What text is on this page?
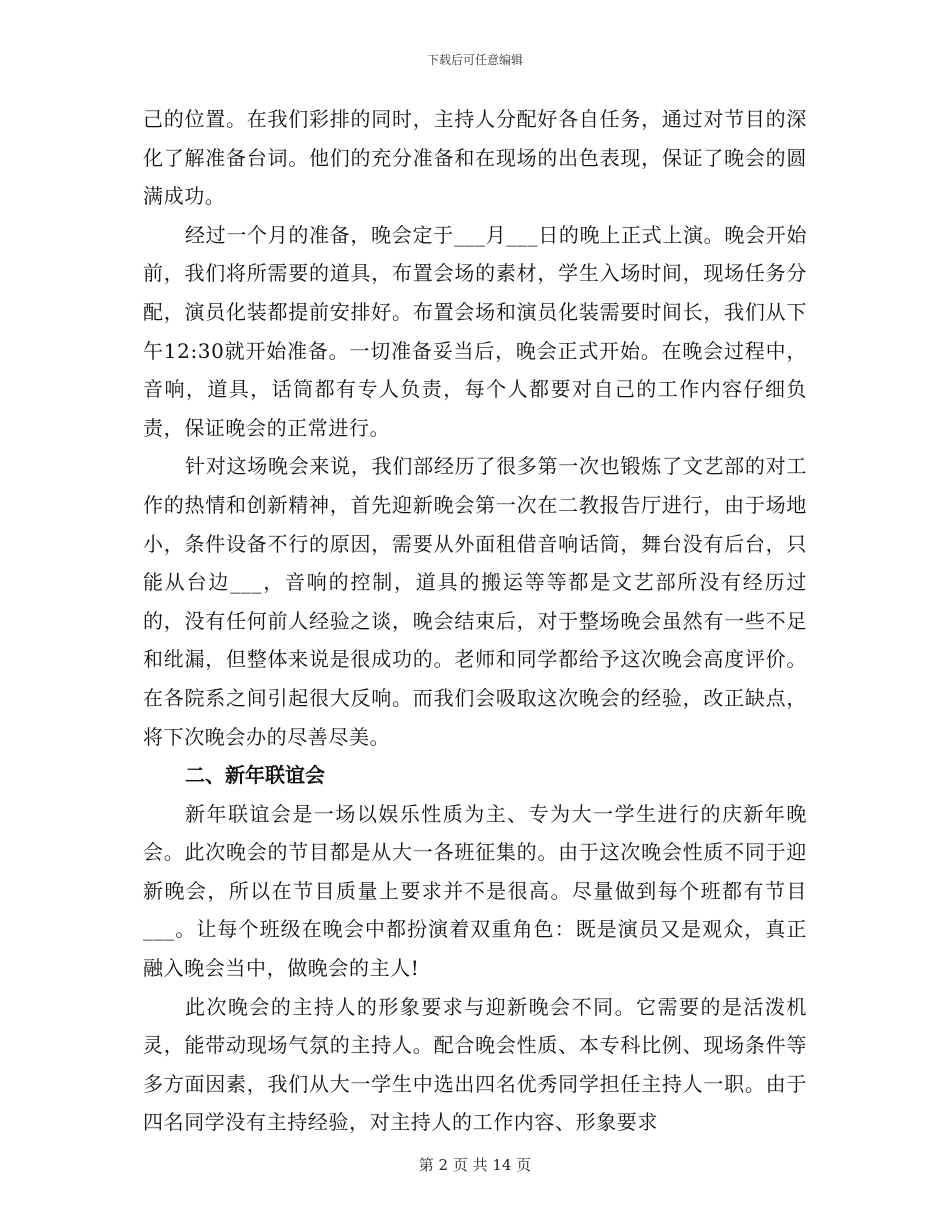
下载后可任意编辑

己的位置。在我们彩排的同时，主持人分配好各自任务，通过对节目的深化了解准备台词。他们的充分准备和在现场的出色表现，保证了晚会的圆满成功。

经过一个月的准备，晚会定于___月___日的晚上正式上演。晚会开始前，我们将所需要的道具，布置会场的素材，学生入场时间，现场任务分配，演员化装都提前安排好。布置会场和演员化装需要时间长，我们从下午12:30就开始准备。一切准备妥当后，晚会正式开始。在晚会过程中，音响，道具，话筒都有专人负责，每个人都要对自己的工作内容仔细负责，保证晚会的正常进行。

针对这场晚会来说，我们部经历了很多第一次也锻炼了文艺部的对工作的热情和创新精神，首先迎新晚会第一次在二教报告厅进行，由于场地小，条件设备不行的原因，需要从外面租借音响话筒，舞台没有后台，只能从台边___，音响的控制，道具的搬运等等都是文艺部所没有经历过的，没有任何前人经验之谈，晚会结束后，对于整场晚会虽然有一些不足和纰漏，但整体来说是很成功的。老师和同学都给予这次晚会高度评价。在各院系之间引起很大反响。而我们会吸取这次晚会的经验，改正缺点，将下次晚会办的尽善尽美。

二、新年联谊会

新年联谊会是一场以娱乐性质为主、专为大一学生进行的庆新年晚会。此次晚会的节目都是从大一各班征集的。由于这次晚会性质不同于迎新晚会，所以在节目质量上要求并不是很高。尽量做到每个班都有节目___。让每个班级在晚会中都扮演着双重角色：既是演员又是观众，真正融入晚会当中，做晚会的主人!

此次晚会的主持人的形象要求与迎新晚会不同。它需要的是活泼机灵，能带动现场气氛的主持人。配合晚会性质、本专科比例、现场条件等多方面因素，我们从大一学生中选出四名优秀同学担任主持人一职。由于四名同学没有主持经验，对主持人的工作内容、形象要求

第 2 页 共 14 页
